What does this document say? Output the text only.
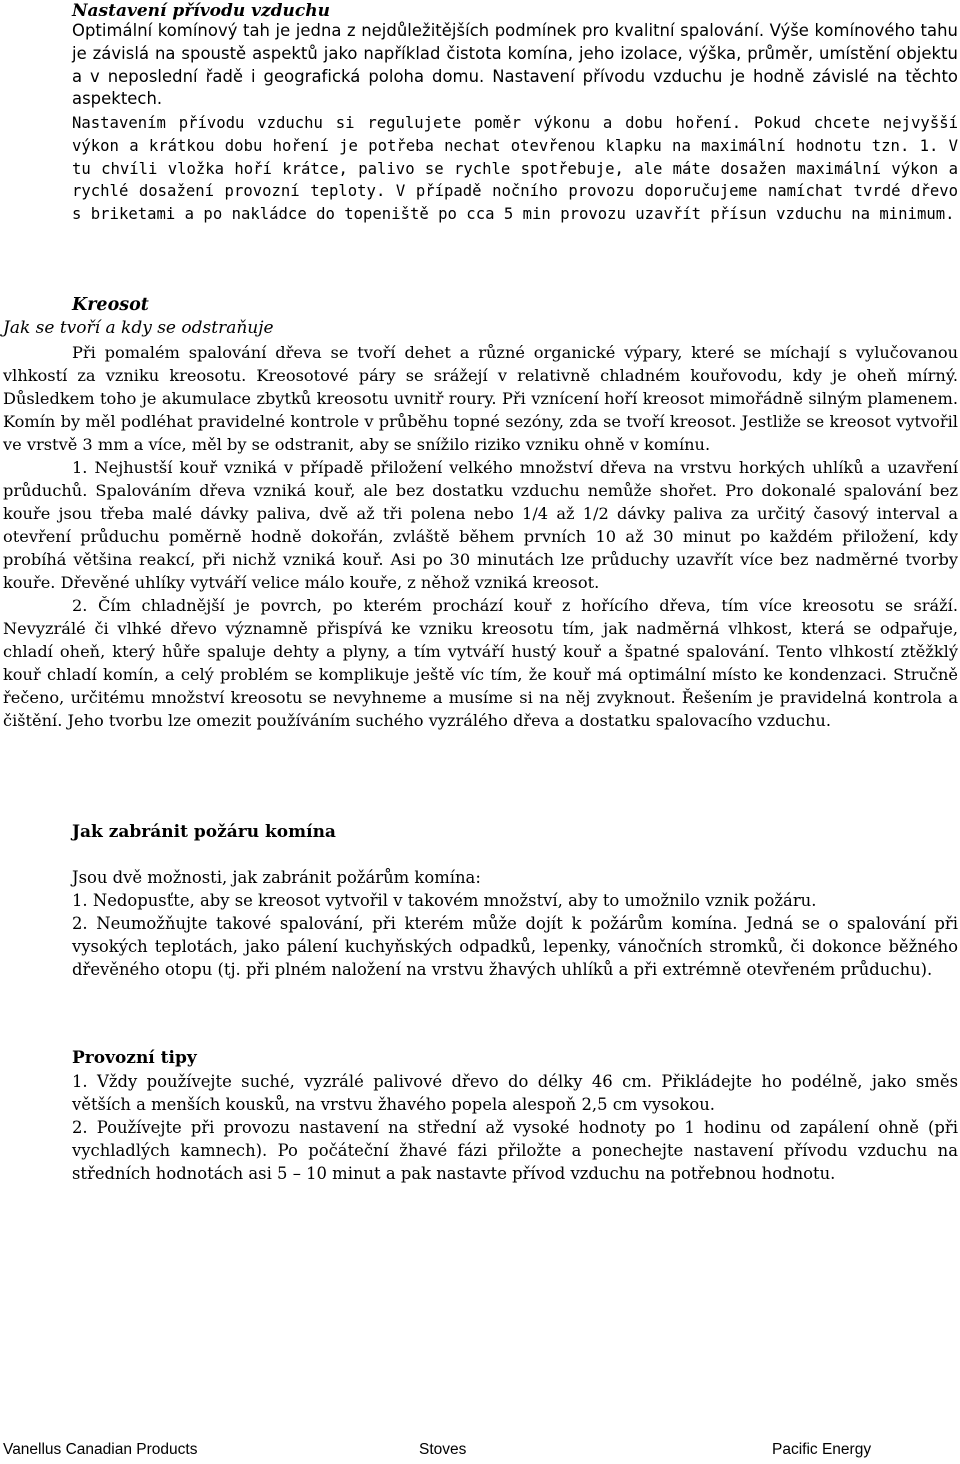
Nastavení přívodu vzduchu

Optimální komínový tah je jedna z nejdůležitějších podmínek pro kvalitní spalování. Výše komínového tahu je závislá na spoustě aspektů jako například čistota komína, jeho izolace, výška, průměr, umístění objektu a v neposlední řadě i geografická poloha domu. Nastavení přívodu vzduchu je hodně závislé na těchto aspektech.

Nastavením přívodu vzduchu si regulujete poměr výkonu a dobu hoření. Pokud chcete nejvyšší výkon a krátkou dobu hoření je potřeba nechat otevřenou klapku na maximální hodnotu tzn. 1. V tu chvíli vložka hoří krátce, palivo se rychle spotřebuje, ale máte dosažen maximální výkon a rychlé dosažení provozní teploty. V případě nočního provozu doporučujeme namíchat tvrdé dřevo s briketami a po nakládce do topeniště po cca 5 min provozu uzavřít přísun vzduchu na minimum.

Kreosot
Jak se tvoří a kdy se odstraňuje

Při pomalém spalování dřeva se tvoří dehet a různé organické výpary, které se míchají s vylučovanou vlhkostí za vzniku kreosotu. Kreosotové páry se srážejí v relativně chladném kouřovodu, kdy je oheň mírný. Důsledkem toho je akumulace zbytků kreosotu uvnitř roury. Při vznícení hoří kreosot mimořádně silným plamenem. Komín by měl podléhat pravidelné kontrole v průběhu topné sezóny, zda se tvoří kreosot. Jestliže se kreosot vytvořil ve vrstvě 3 mm a více, měl by se odstranit, aby se snížilo riziko vzniku ohně v komínu.

1. Nejhustší kouř vzniká v případě přiložení velkého množství dřeva na vrstvu horkých uhlíků a uzavření průduchů. Spalováním dřeva vzniká kouř, ale bez dostatku vzduchu nemůže shořet. Pro dokonalé spalování bez kouře jsou třeba malé dávky paliva, dvě až tři polena nebo 1/4 až 1/2 dávky paliva za určitý časový interval a otevření průduchu poměrně hodně dokořán, zvláště během prvních 10 až 30 minut po každém přiložení, kdy probíhá většina reakcí, při nichž vzniká kouř. Asi po 30 minutách lze průduchy uzavřít více bez nadměrné tvorby kouře. Dřevěné uhlíky vytváří velice málo kouře, z něhož vzniká kreosot.

2. Čím chladnější je povrch, po kterém prochází kouř z hořícího dřeva, tím více kreosotu se sráží. Nevyzrálé či vlhké dřevo významně přispívá ke vzniku kreosotu tím, jak nadměrná vlhkost, která se odpařuje, chladí oheň, který hůře spaluje dehty a plyny, a tím vytváří hustý kouř a špatné spalování. Tento vlhkostí ztěžklý kouř chladí komín, a celý problém se komplikuje ještě víc tím, že kouř má optimální místo ke kondenzaci. Stručně řečeno, určitému množství kreosotu se nevyhneme a musíme si na něj zvyknout. Řešením je pravidelná kontrola a čištění. Jeho tvorbu lze omezit používáním suchého vyzrálého dřeva a dostatku spalovacího vzduchu.

Jak zabránit požáru komína

Jsou dvě možnosti, jak zabránit požárům komína:

1. Nedopusťte, aby se kreosot vytvořil v takovém množství, aby to umožnilo vznik požáru.

2. Neumožňujte takové spalování, při kterém může dojít k požárům komína. Jedná se o spalování při vysokých teplotách, jako pálení kuchyňských odpadků, lepenky, vánočních stromků, či dokonce běžného dřevěného otopu (tj. při plném naložení na vrstvu žhavých uhlíků a při extrémně otevřeném průduchu).

Provozní tipy

1. Vždy používejte suché, vyzrálé palivové dřevo do délky 46 cm. Přikládejte ho podélně, jako směs větších a menších kousků, na vrstvu žhavého popela alespoň 2,5 cm vysokou.

2. Používejte při provozu nastavení na střední až vysoké hodnoty po 1 hodinu od zapálení ohně (při vychladlých kamnech). Po počáteční žhavé fázi přiložte a ponechejte nastavení přívodu vzduchu na středních hodnotách asi 5 – 10 minut a pak nastavte přívod vzduchu na potřebnou hodnotu.

Vanellus Canadian Products	Stoves	Pacific Energy
